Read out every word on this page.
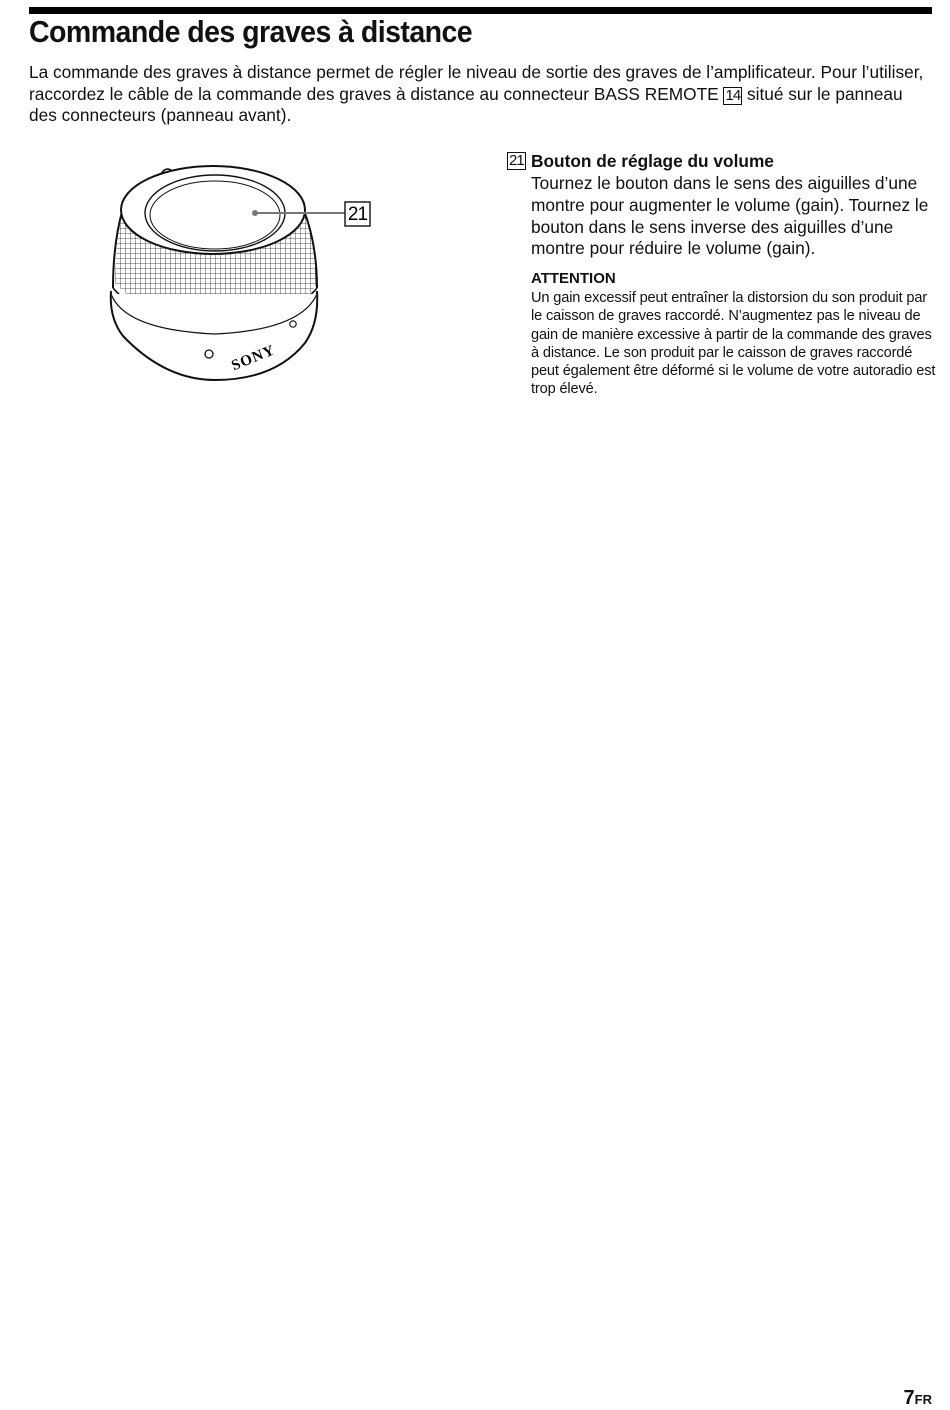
Commande des graves à distance

La commande des graves à distance permet de régler le niveau de sortie des graves de l’amplificateur. Pour l’utiliser, raccordez le câble de la commande des graves à distance au connecteur BASS REMOTE 14 situé sur le panneau des connecteurs (panneau avant).

21
SONY
21 Bouton de réglage du volume
Tournez le bouton dans le sens des aiguilles d’une montre pour augmenter le volume (gain). Tournez le bouton dans le sens inverse des aiguilles d’une montre pour réduire le volume (gain).
ATTENTION
Un gain excessif peut entraîner la distorsion du son produit par le caisson de graves raccordé. N’augmentez pas le niveau de gain de manière excessive à partir de la commande des graves à distance. Le son produit par le caisson de graves raccordé peut également être déformé si le volume de votre autoradio est trop élevé.
7FR
